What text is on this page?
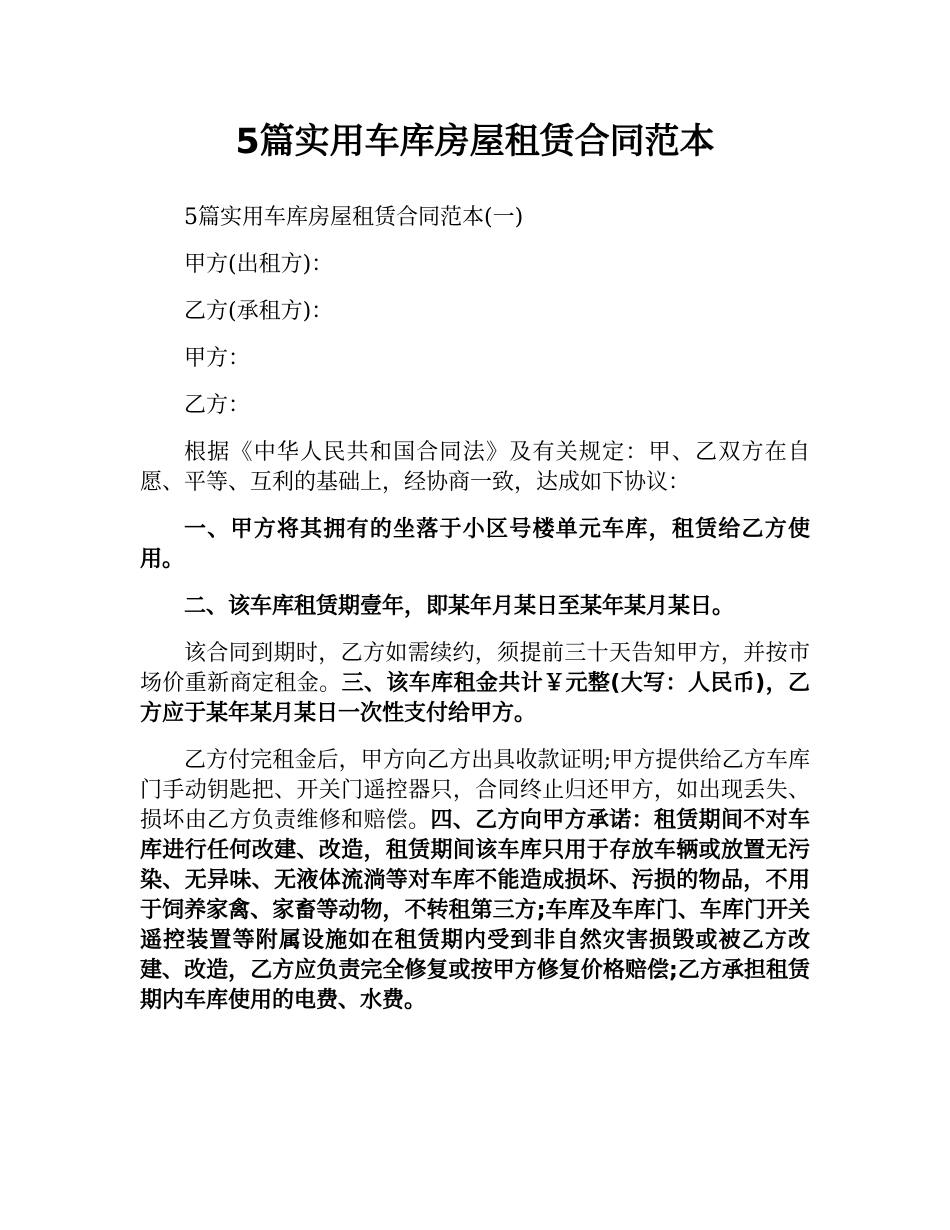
5篇实用车库房屋租赁合同范本

5篇实用车库房屋租赁合同范本(一)

甲方(出租方)：

乙方(承租方)：

甲方：

乙方：

根据《中华人民共和国合同法》及有关规定：甲、乙双方在自愿、平等、互利的基础上，经协商一致，达成如下协议：

一、甲方将其拥有的坐落于小区号楼单元车库，租赁给乙方使用。

二、该车库租赁期壹年，即某年月某日至某年某月某日。

该合同到期时，乙方如需续约，须提前三十天告知甲方，并按市场价重新商定租金。三、该车库租金共计￥元整(大写：人民币)，乙方应于某年某月某日一次性支付给甲方。

乙方付完租金后，甲方向乙方出具收款证明;甲方提供给乙方车库门手动钥匙把、开关门遥控器只，合同终止归还甲方，如出现丢失、损坏由乙方负责维修和赔偿。四、乙方向甲方承诺：租赁期间不对车库进行任何改建、改造，租赁期间该车库只用于存放车辆或放置无污染、无异味、无液体流淌等对车库不能造成损坏、污损的物品，不用于饲养家禽、家畜等动物，不转租第三方;车库及车库门、车库门开关遥控装置等附属设施如在租赁期内受到非自然灾害损毁或被乙方改建、改造，乙方应负责完全修复或按甲方修复价格赔偿;乙方承担租赁期内车库使用的电费、水费。
